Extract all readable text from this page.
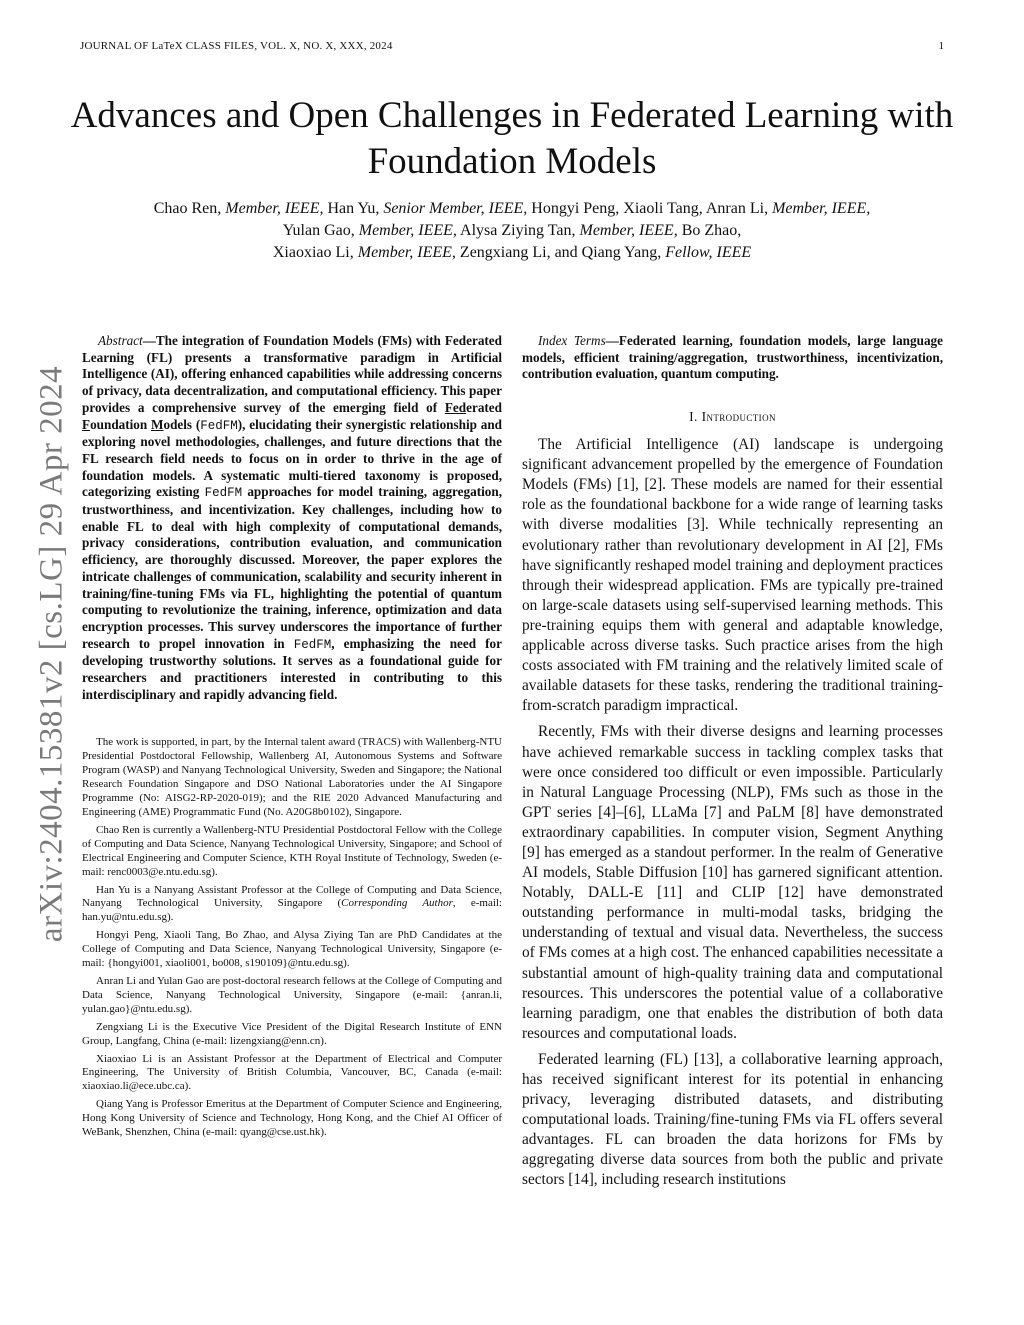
JOURNAL OF LaTeX CLASS FILES, VOL. X, NO. X, XXX, 2024	1
Advances and Open Challenges in Federated Learning with Foundation Models
Chao Ren, Member, IEEE, Han Yu, Senior Member, IEEE, Hongyi Peng, Xiaoli Tang, Anran Li, Member, IEEE,
Yulan Gao, Member, IEEE, Alysa Ziying Tan, Member, IEEE, Bo Zhao,
Xiaoxiao Li, Member, IEEE, Zengxiang Li, and Qiang Yang, Fellow, IEEE
arXiv:2404.15381v2 [cs.LG] 29 Apr 2024

Abstract—The integration of Foundation Models (FMs) with Federated Learning (FL) presents a transformative paradigm in Artificial Intelligence (AI), offering enhanced capabilities while addressing concerns of privacy, data decentralization, and computational efficiency. This paper provides a comprehensive survey of the emerging field of Federated Foundation Models (FedFM), elucidating their synergistic relationship and exploring novel methodologies, challenges, and future directions that the FL research field needs to focus on in order to thrive in the age of foundation models. A systematic multi-tiered taxonomy is proposed, categorizing existing FedFM approaches for model training, aggregation, trustworthiness, and incentivization. Key challenges, including how to enable FL to deal with high complexity of computational demands, privacy considerations, contribution evaluation, and communication efficiency, are thoroughly discussed. Moreover, the paper explores the intricate challenges of communication, scalability and security inherent in training/fine-tuning FMs via FL, highlighting the potential of quantum computing to revolutionize the training, inference, optimization and data encryption processes. This survey underscores the importance of further research to propel innovation in FedFM, emphasizing the need for developing trustworthy solutions. It serves as a foundational guide for researchers and practitioners interested in contributing to this interdisciplinary and rapidly advancing field.

The work is supported, in part, by the Internal talent award (TRACS) with Wallenberg-NTU Presidential Postdoctoral Fellowship, Wallenberg AI, Autonomous Systems and Software Program (WASP) and Nanyang Technological University, Sweden and Singapore; the National Research Foundation Singapore and DSO National Laboratories under the AI Singapore Programme (No: AISG2-RP-2020-019); and the RIE 2020 Advanced Manufacturing and Engineering (AME) Programmatic Fund (No. A20G8b0102), Singapore.

Chao Ren is currently a Wallenberg-NTU Presidential Postdoctoral Fellow with the College of Computing and Data Science, Nanyang Technological University, Singapore; and School of Electrical Engineering and Computer Science, KTH Royal Institute of Technology, Sweden (e-mail: renc0003@e.ntu.edu.sg).

Han Yu is a Nanyang Assistant Professor at the College of Computing and Data Science, Nanyang Technological University, Singapore (Corresponding Author, e-mail: han.yu@ntu.edu.sg).

Hongyi Peng, Xiaoli Tang, Bo Zhao, and Alysa Ziying Tan are PhD Candidates at the College of Computing and Data Science, Nanyang Technological University, Singapore (e-mail: {hongyi001, xiaoli001, bo008, s190109}@ntu.edu.sg).

Anran Li and Yulan Gao are post-doctoral research fellows at the College of Computing and Data Science, Nanyang Technological University, Singapore (e-mail: {anran.li, yulan.gao}@ntu.edu.sg).

Zengxiang Li is the Executive Vice President of the Digital Research Institute of ENN Group, Langfang, China (e-mail: lizengxiang@enn.cn).

Xiaoxiao Li is an Assistant Professor at the Department of Electrical and Computer Engineering, The University of British Columbia, Vancouver, BC, Canada (e-mail: xiaoxiao.li@ece.ubc.ca).

Qiang Yang is Professor Emeritus at the Department of Computer Science and Engineering, Hong Kong University of Science and Technology, Hong Kong, and the Chief AI Officer of WeBank, Shenzhen, China (e-mail: qyang@cse.ust.hk).

Index Terms—Federated learning, foundation models, large language models, efficient training/aggregation, trustworthiness, incentivization, contribution evaluation, quantum computing.

I. Introduction

The Artificial Intelligence (AI) landscape is undergoing significant advancement propelled by the emergence of Foundation Models (FMs) [1], [2]. These models are named for their essential role as the foundational backbone for a wide range of learning tasks with diverse modalities [3]. While technically representing an evolutionary rather than revolutionary development in AI [2], FMs have significantly reshaped model training and deployment practices through their widespread application. FMs are typically pre-trained on large-scale datasets using self-supervised learning methods. This pre-training equips them with general and adaptable knowledge, applicable across diverse tasks. Such practice arises from the high costs associated with FM training and the relatively limited scale of available datasets for these tasks, rendering the traditional training-from-scratch paradigm impractical.

Recently, FMs with their diverse designs and learning processes have achieved remarkable success in tackling complex tasks that were once considered too difficult or even impossible. Particularly in Natural Language Processing (NLP), FMs such as those in the GPT series [4]–[6], LLaMa [7] and PaLM [8] have demonstrated extraordinary capabilities. In computer vision, Segment Anything [9] has emerged as a standout performer. In the realm of Generative AI models, Stable Diffusion [10] has garnered significant attention. Notably, DALL-E [11] and CLIP [12] have demonstrated outstanding performance in multi-modal tasks, bridging the understanding of textual and visual data. Nevertheless, the success of FMs comes at a high cost. The enhanced capabilities necessitate a substantial amount of high-quality training data and computational resources. This underscores the potential value of a collaborative learning paradigm, one that enables the distribution of both data resources and computational loads.

Federated learning (FL) [13], a collaborative learning approach, has received significant interest for its potential in enhancing privacy, leveraging distributed datasets, and distributing computational loads. Training/fine-tuning FMs via FL offers several advantages. FL can broaden the data horizons for FMs by aggregating diverse data sources from both the public and private sectors [14], including research institutions
